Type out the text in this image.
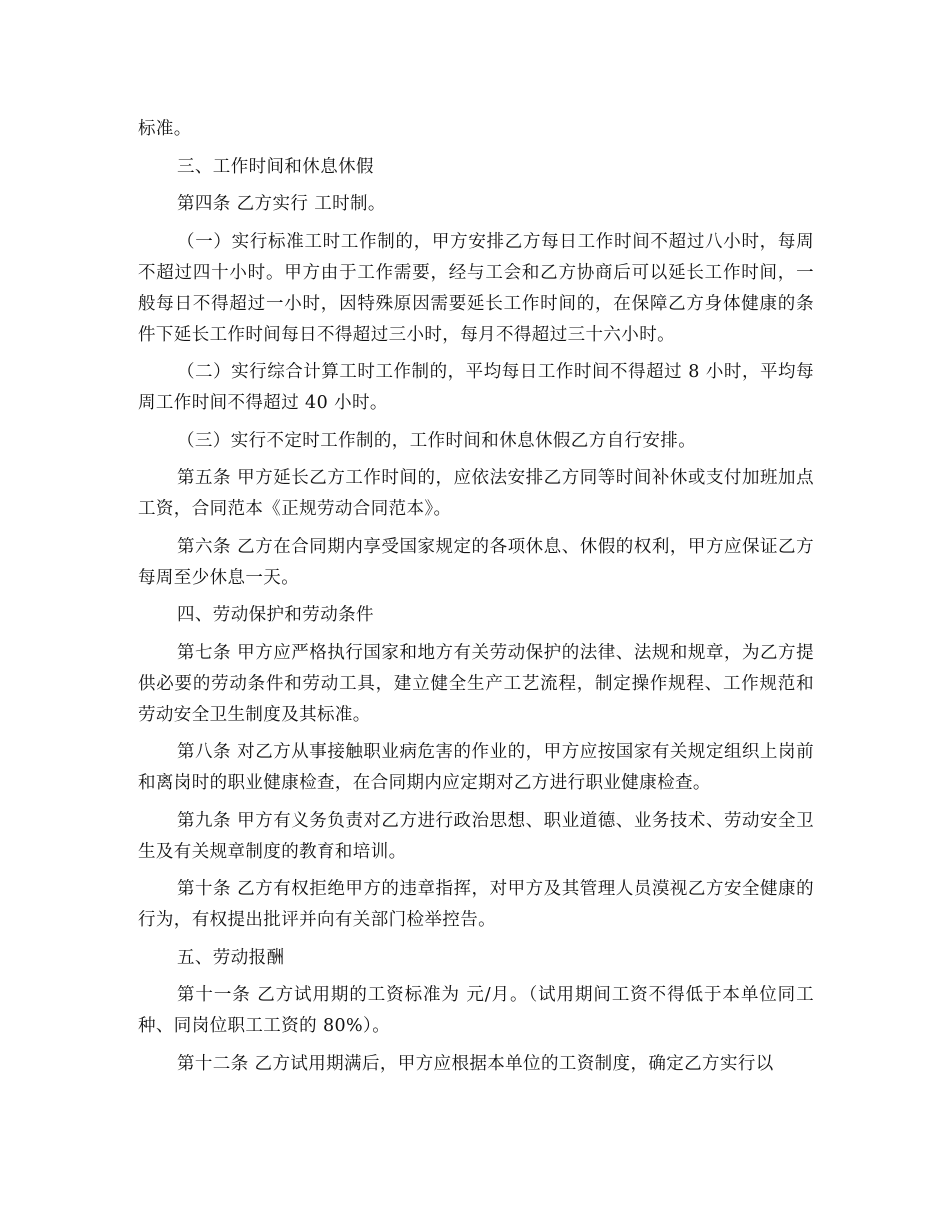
标准。

三、工作时间和休息休假

第四条 乙方实行 工时制。

（一）实行标准工时工作制的，甲方安排乙方每日工作时间不超过八小时，每周不超过四十小时。甲方由于工作需要，经与工会和乙方协商后可以延长工作时间，一般每日不得超过一小时，因特殊原因需要延长工作时间的，在保障乙方身体健康的条件下延长工作时间每日不得超过三小时，每月不得超过三十六小时。

（二）实行综合计算工时工作制的，平均每日工作时间不得超过 8 小时，平均每周工作时间不得超过 40 小时。

（三）实行不定时工作制的，工作时间和休息休假乙方自行安排。

第五条 甲方延长乙方工作时间的，应依法安排乙方同等时间补休或支付加班加点工资，合同范本《正规劳动合同范本》。

第六条 乙方在合同期内享受国家规定的各项休息、休假的权利，甲方应保证乙方每周至少休息一天。

四、劳动保护和劳动条件

第七条 甲方应严格执行国家和地方有关劳动保护的法律、法规和规章，为乙方提供必要的劳动条件和劳动工具，建立健全生产工艺流程，制定操作规程、工作规范和劳动安全卫生制度及其标准。

第八条 对乙方从事接触职业病危害的作业的，甲方应按国家有关规定组织上岗前和离岗时的职业健康检查，在合同期内应定期对乙方进行职业健康检查。

第九条 甲方有义务负责对乙方进行政治思想、职业道德、业务技术、劳动安全卫生及有关规章制度的教育和培训。

第十条 乙方有权拒绝甲方的违章指挥，对甲方及其管理人员漠视乙方安全健康的行为，有权提出批评并向有关部门检举控告。

五、劳动报酬

第十一条 乙方试用期的工资标准为 元/月。（试用期间工资不得低于本单位同工种、同岗位职工工资的 80%）。

第十二条 乙方试用期满后，甲方应根据本单位的工资制度，确定乙方实行以
